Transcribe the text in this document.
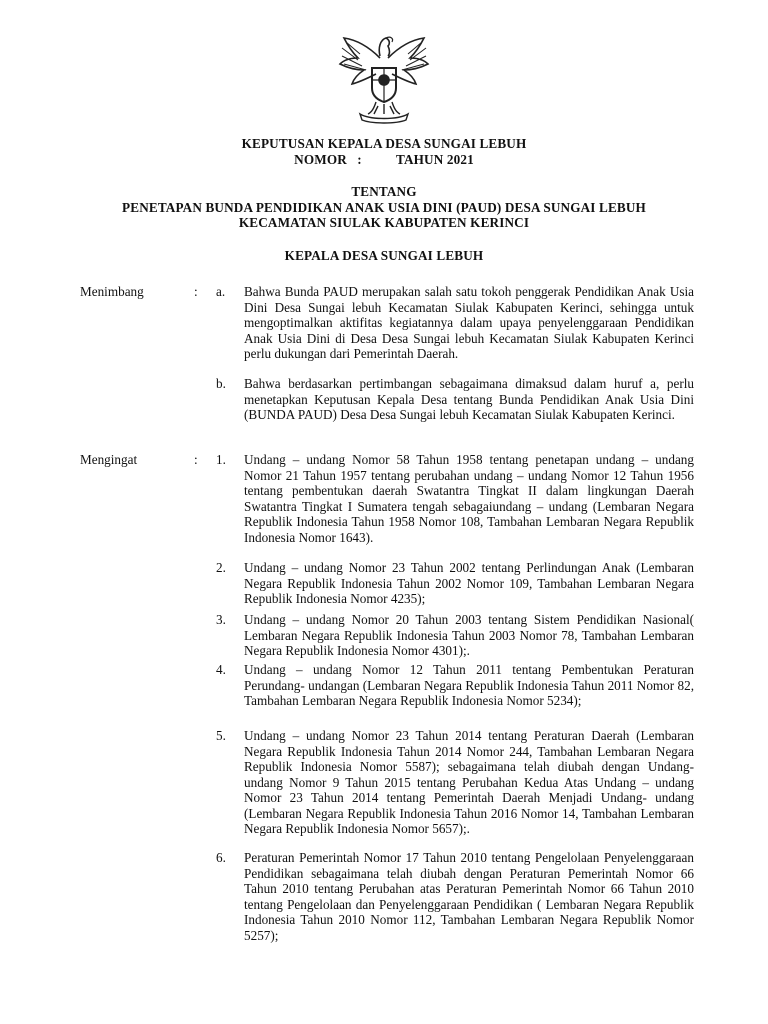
KEPUTUSAN KEPALA DESA SUNGAI LEBUH
NOMOR   :          TAHUN 2021
TENTANG
PENETAPAN BUNDA PENDIDIKAN ANAK USIA DINI (PAUD) DESA SUNGAI LEBUH
KECAMATAN SIULAK KABUPATEN KERINCI
KEPALA DESA SUNGAI LEBUH
Menimbang	: a.	Bahwa Bunda PAUD merupakan salah satu tokoh penggerak Pendidikan Anak Usia Dini Desa Sungai lebuh Kecamatan Siulak Kabupaten Kerinci, sehingga untuk mengoptimalkan aktifitas kegiatannya dalam upaya penyelenggaraan Pendidikan Anak Usia Dini di Desa Desa Sungai lebuh Kecamatan Siulak Kabupaten Kerinci perlu dukungan dari Pemerintah Daerah.
b.	Bahwa berdasarkan pertimbangan sebagaimana dimaksud dalam huruf a, perlu menetapkan Keputusan Kepala Desa tentang Bunda Pendidikan Anak Usia Dini (BUNDA PAUD) Desa Desa Sungai lebuh Kecamatan Siulak Kabupaten Kerinci.
Mengingat	: 1.	Undang – undang Nomor 58 Tahun 1958 tentang penetapan undang – undang Nomor 21 Tahun 1957 tentang perubahan undang – undang Nomor 12 Tahun 1956 tentang pembentukan daerah Swatantra Tingkat II dalam lingkungan Daerah Swatantra Tingkat I Sumatera tengah sebagaiundang – undang (Lembaran Negara Republik Indonesia Tahun 1958 Nomor 108, Tambahan Lembaran Negara Republik Indonesia Nomor 1643).
2.	Undang – undang Nomor 23 Tahun 2002 tentang Perlindungan Anak (Lembaran Negara Republik Indonesia Tahun 2002 Nomor 109, Tambahan Lembaran Negara Republik Indonesia Nomor 4235);
3.	Undang – undang Nomor 20 Tahun 2003 tentang Sistem Pendidikan Nasional( Lembaran Negara Republik Indonesia Tahun 2003 Nomor 78, Tambahan Lembaran Negara Republik Indonesia Nomor 4301);.
4.	Undang – undang Nomor 12 Tahun 2011 tentang Pembentukan Peraturan Perundang- undangan (Lembaran Negara Republik Indonesia Tahun 2011 Nomor 82, Tambahan Lembaran Negara Republik Indonesia Nomor 5234);
5.	Undang – undang Nomor 23 Tahun 2014 tentang Peraturan Daerah (Lembaran Negara Republik Indonesia Tahun 2014 Nomor 244, Tambahan Lembaran Negara Republik Indonesia Nomor 5587); sebagaimana telah diubah dengan Undang- undang Nomor 9 Tahun 2015 tentang Perubahan Kedua Atas Undang – undang Nomor 23 Tahun 2014 tentang Pemerintah Daerah Menjadi Undang- undang (Lembaran Negara Republik Indonesia Tahun 2016 Nomor 14, Tambahan Lembaran Negara Republik Indonesia Nomor 5657);.
6.	Peraturan Pemerintah Nomor 17 Tahun 2010 tentang Pengelolaan Penyelenggaraan Pendidikan sebagaimana telah diubah dengan Peraturan Pemerintah Nomor 66 Tahun 2010 tentang Perubahan atas Peraturan Pemerintah Nomor 66 Tahun 2010 tentang Pengelolaan dan Penyelenggaraan Pendidikan ( Lembaran Negara Republik Indonesia Tahun 2010 Nomor 112, Tambahan Lembaran Negara Republik Nomor 5257);
